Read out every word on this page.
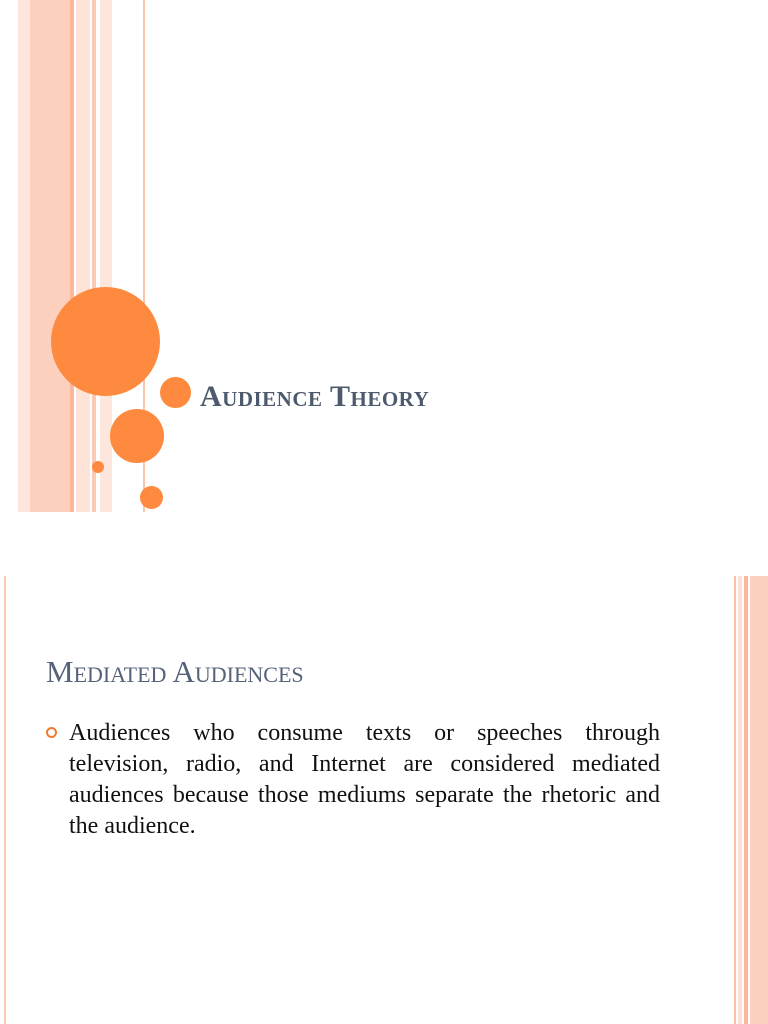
Audience Theory
Mediated Audiences
Audiences who consume texts or speeches through television, radio, and Internet are considered mediated audiences because those mediums separate the rhetoric and the audience.
